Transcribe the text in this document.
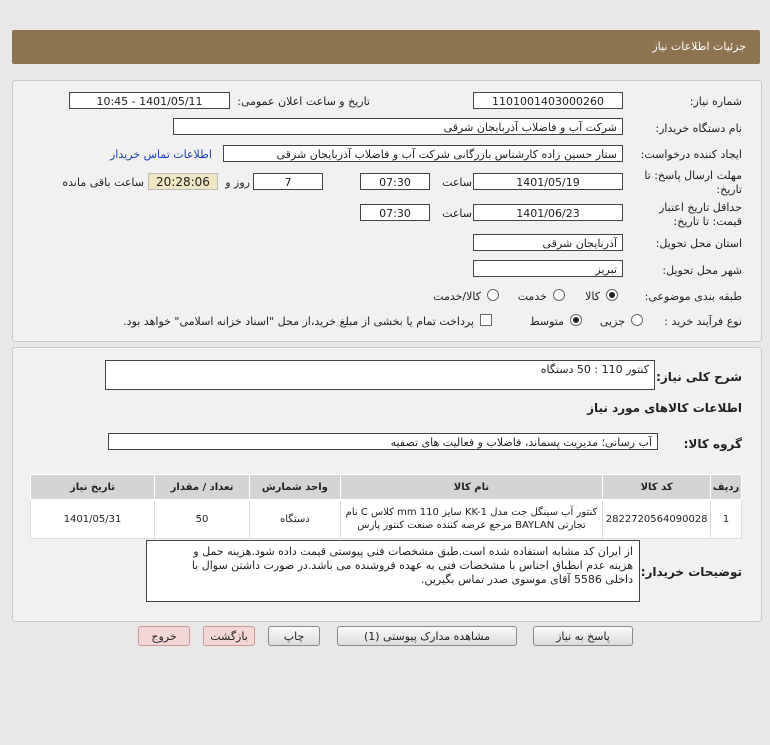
جزئیات اطلاعات نیاز
شماره نیاز:
1101001403000260
تاریخ و ساعت اعلان عمومی:
1401/05/11 - 10:45
نام دستگاه خریدار:
شرکت آب و فاضلاب آذربایجان شرقی
ایجاد کننده درخواست:
ستار حسین زاده کارشناس بازرگانی شرکت آب و فاضلاب آذربایجان شرقی
اطلاعات تماس خریدار
مهلت ارسال پاسخ: تا
تاریخ:
1401/05/19
ساعت
07:30
7
روز و
20:28:06
ساعت باقی مانده
حداقل تاریخ اعتبار
قیمت: تا تاریخ:
1401/06/23
ساعت
07:30
استان محل تحویل:
آذربایجان شرقی
شهر محل تحویل:
تبریز
طبقه بندی موضوعی:
کالا
خدمت
کالا/خدمت
نوع فرآیند خرید :
جزیی
متوسط
پرداخت تمام یا بخشی از مبلغ خرید،از محل "اسناد خزانه اسلامی" خواهد بود.
شرح کلی نیاز:
کنتور 110 : 50 دستگاه
اطلاعات کالاهای مورد نیاز
گروه کالا:
آب رسانی؛ مدیریت پسماند، فاضلاب و فعالیت های تصفیه
ردیف	کد کالا	نام کالا	واحد شمارش	تعداد / مقدار	تاریخ نیاز
1	2822720564090028	کنتور آب سینگل جت مدل KK-1 سایز 110 mm کلاس C نام
تجارتی BAYLAN مرجع عرضه کننده صنعت کنتور پارس	دستگاه	50	1401/05/31
توضیحات خریدار:
از ایران کد مشابه استفاده شده است.طبق مشخصات فنی پیوستی قیمت داده شود.هزینه حمل و
هزینه عدم انطباق اجناس با مشخصات فنی به عهده فروشنده می باشد.در صورت داشتن سوال با
داخلی 5586 آقای موسوی صدر تماس بگیرین.
پاسخ به نیاز
مشاهده مدارک پیوستی (1)
چاپ
بازگشت
خروج
